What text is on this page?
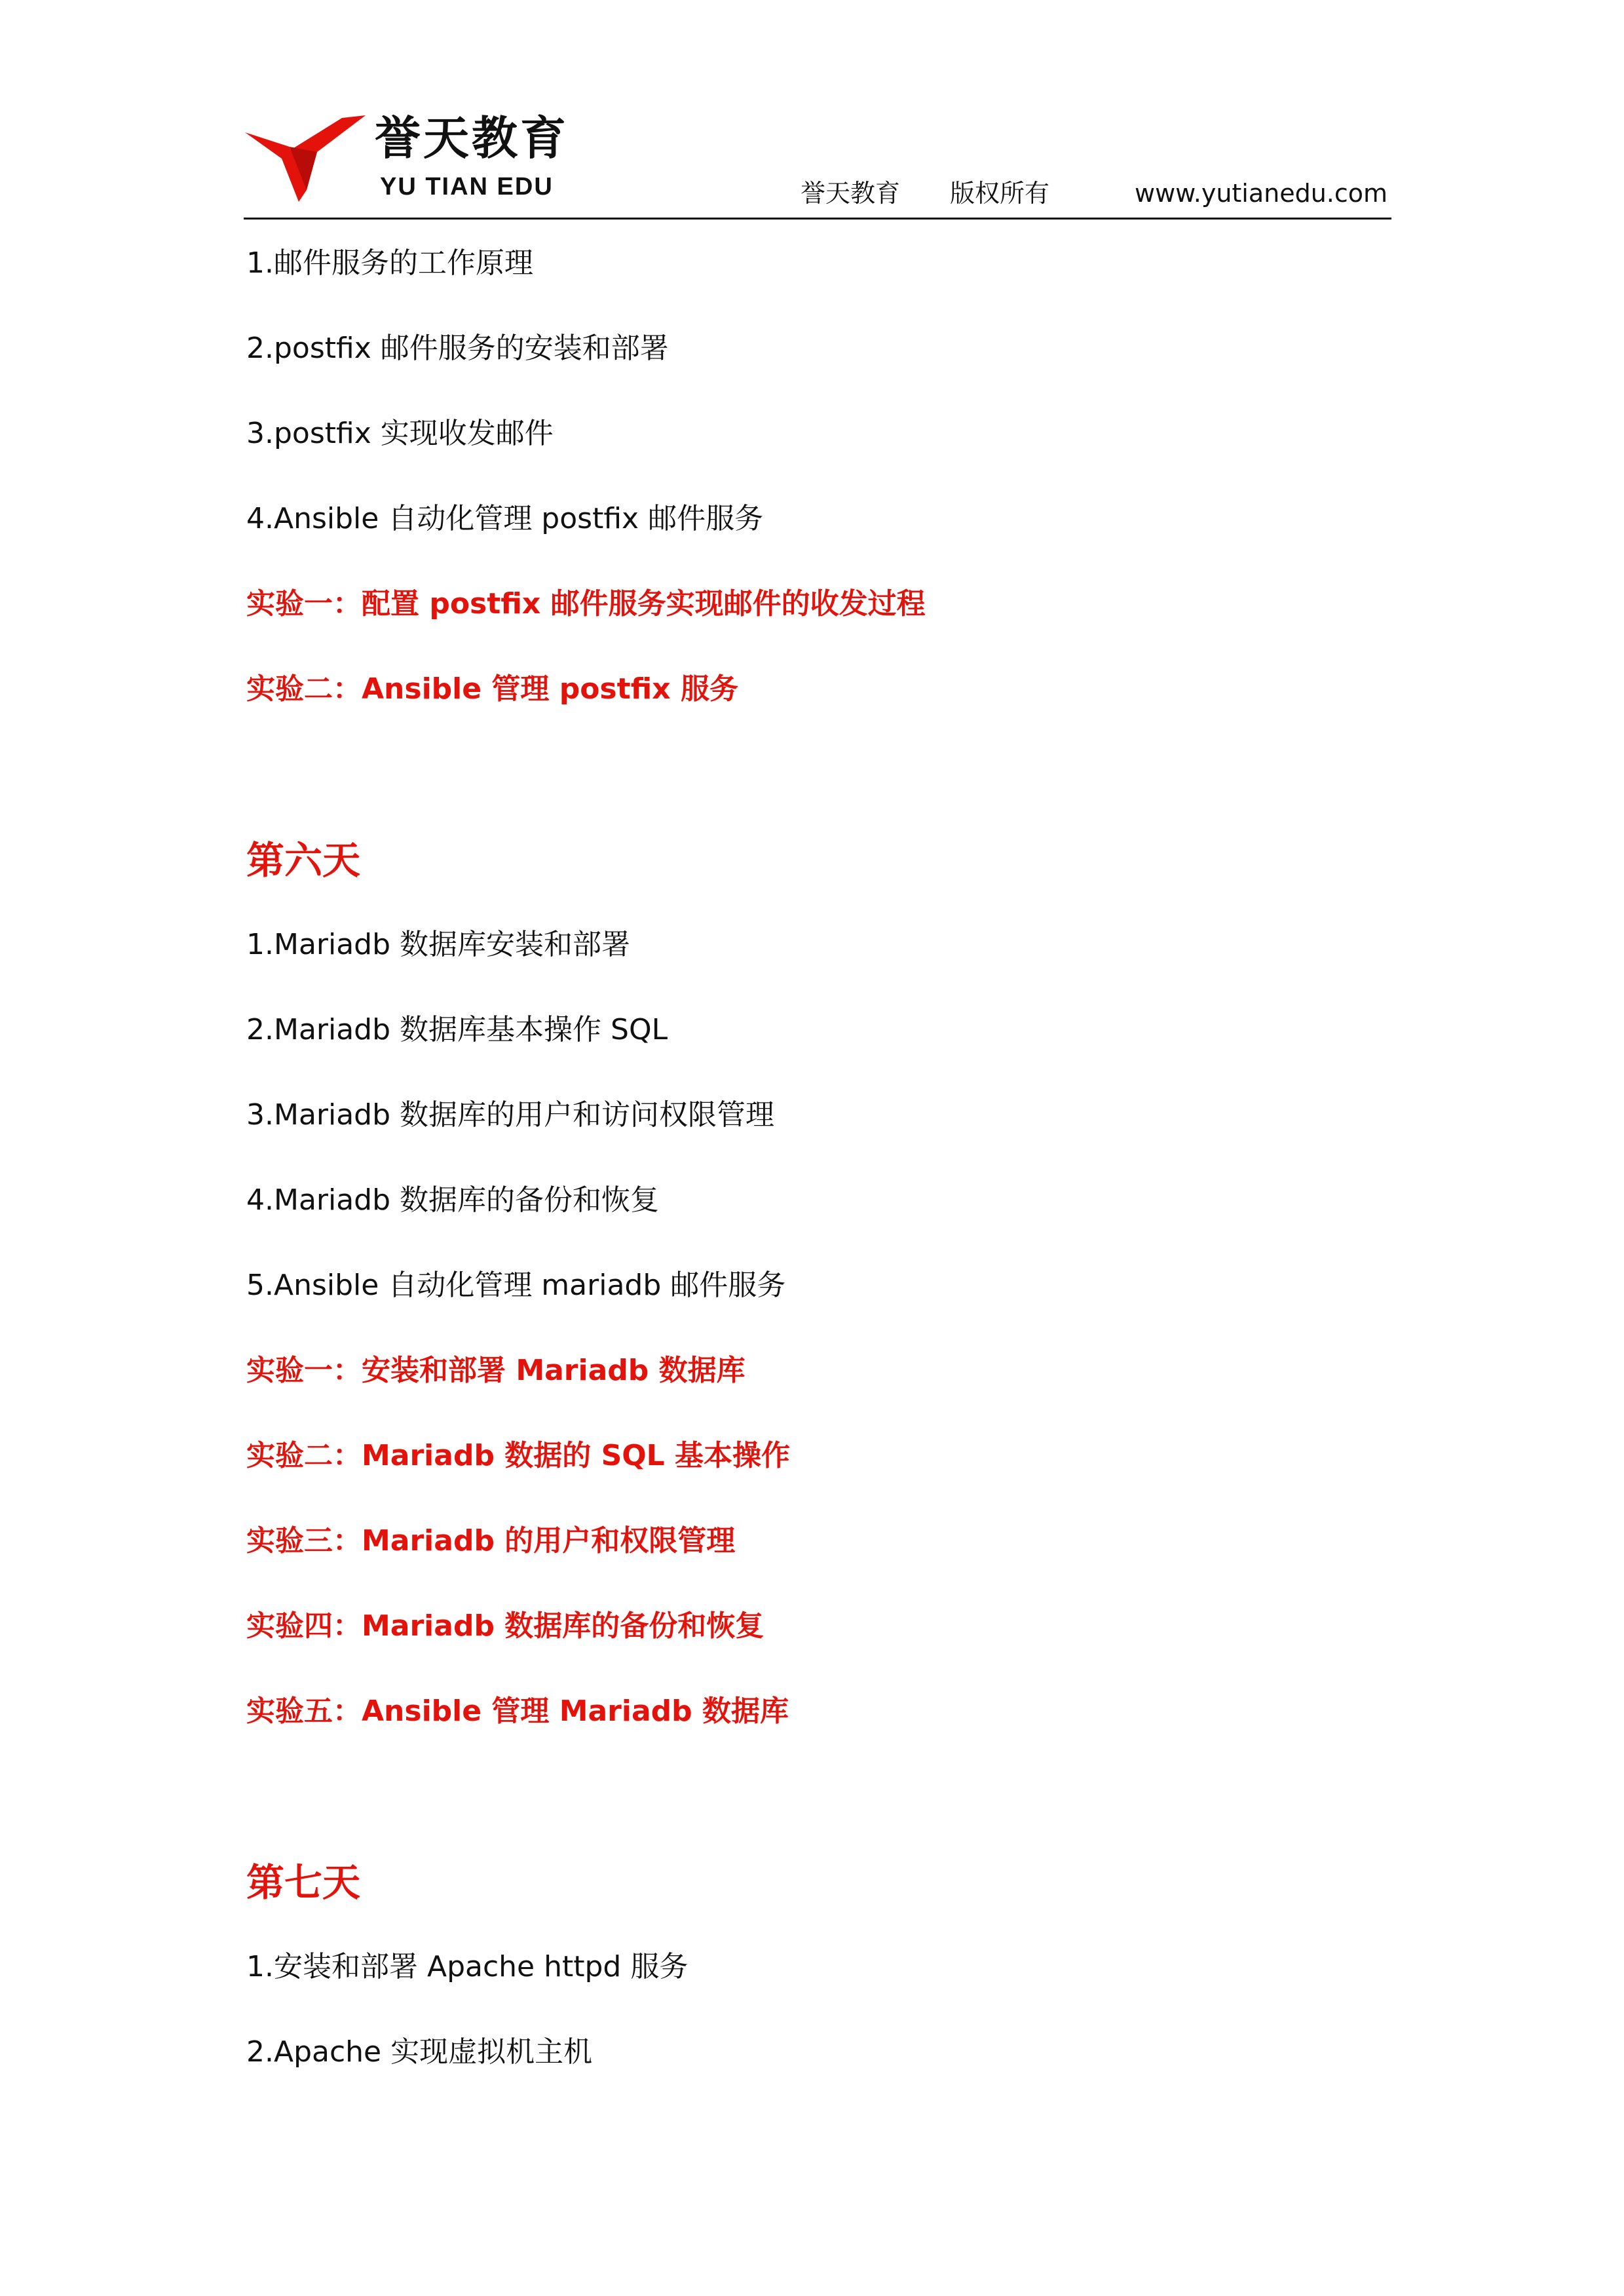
誉天教育
YU TIAN EDU	誉天教育 版权所有	www.yutianedu.com
1.邮件服务的工作原理
2.postfix 邮件服务的安装和部署
3.postfix 实现收发邮件
4.Ansible 自动化管理 postfix 邮件服务
实验一：配置 postfix 邮件服务实现邮件的收发过程
实验二：Ansible 管理 postfix 服务
第六天
1.Mariadb 数据库安装和部署
2.Mariadb 数据库基本操作 SQL
3.Mariadb 数据库的用户和访问权限管理
4.Mariadb 数据库的备份和恢复
5.Ansible 自动化管理 mariadb 邮件服务
实验一：安装和部署 Mariadb 数据库
实验二：Mariadb 数据的 SQL 基本操作
实验三：Mariadb 的用户和权限管理
实验四：Mariadb 数据库的备份和恢复
实验五：Ansible 管理 Mariadb 数据库
第七天
1.安装和部署 Apache httpd 服务
2.Apache 实现虚拟机主机
